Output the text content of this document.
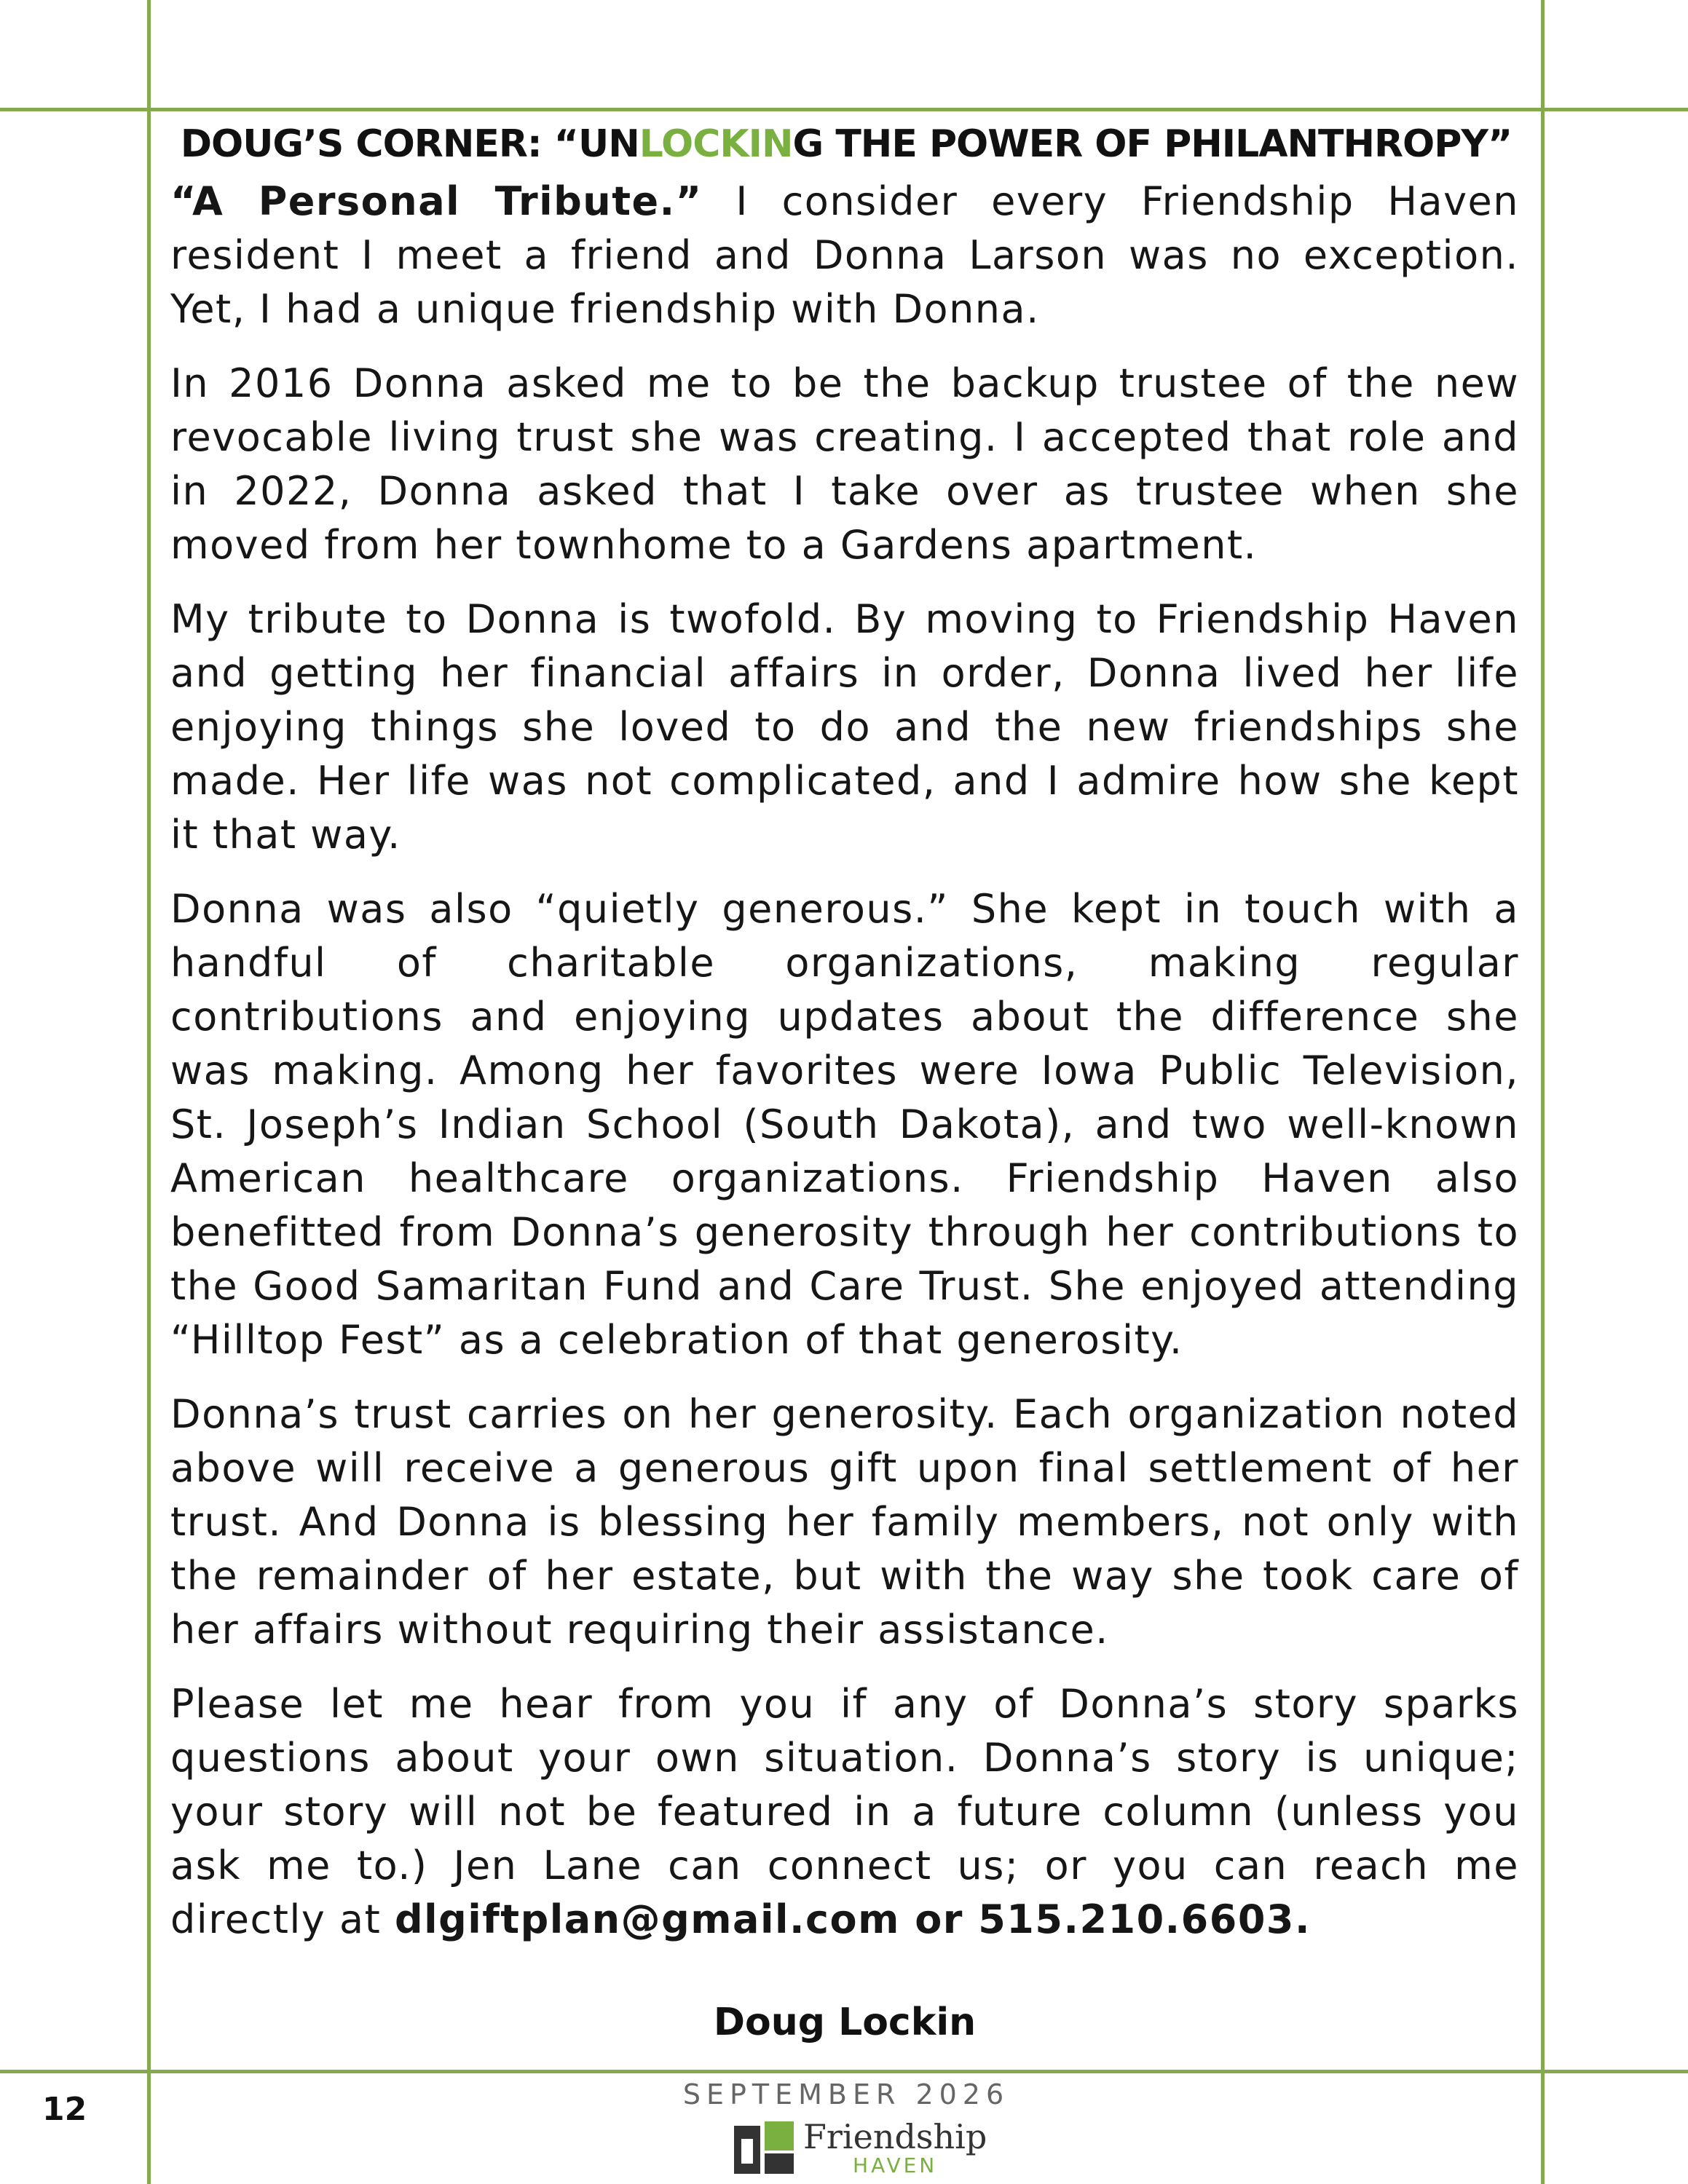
DOUG’S CORNER: “UNLOCKING THE POWER OF PHILANTHROPY”

“A Personal Tribute.” I consider every Friendship Haven resident I meet a friend and Donna Larson was no exception. Yet, I had a unique friendship with Donna.

In 2016 Donna asked me to be the backup trustee of the new revocable living trust she was creating. I accepted that role and in 2022, Donna asked that I take over as trustee when she moved from her townhome to a Gardens apartment.

My tribute to Donna is twofold. By moving to Friendship Haven and getting her financial affairs in order, Donna lived her life enjoying things she loved to do and the new friendships she made. Her life was not complicated, and I admire how she kept it that way.

Donna was also “quietly generous.” She kept in touch with a handful of charitable organizations, making regular contributions and enjoying updates about the difference she was making. Among her favorites were Iowa Public Television, St. Joseph’s Indian School (South Dakota), and two well-known American healthcare organizations. Friendship Haven also benefitted from Donna’s generosity through her contributions to the Good Samaritan Fund and Care Trust. She enjoyed attending “Hilltop Fest” as a celebration of that generosity.

Donna’s trust carries on her generosity. Each organization noted above will receive a generous gift upon final settlement of her trust. And Donna is blessing her family members, not only with the remainder of her estate, but with the way she took care of her affairs without requiring their assistance.

Please let me hear from you if any of Donna’s story sparks questions about your own situation. Donna’s story is unique; your story will not be featured in a future column (unless you ask me to.) Jen Lane can connect us; or you can reach me directly at dlgiftplan@gmail.com or 515.210.6603.

Doug Lockin
12	SEPTEMBER 2026
Friendship
HAVEN
